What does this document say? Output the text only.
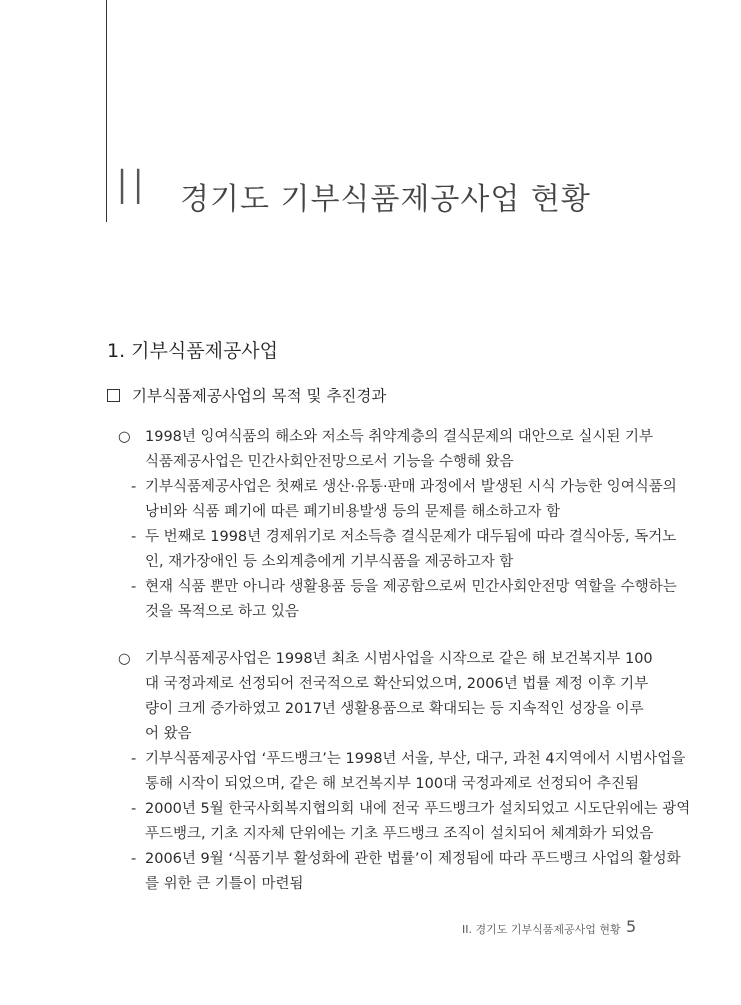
II 경기도 기부식품제공사업 현황
1. 기부식품제공사업
기부식품제공사업의 목적 및 추진경과
○ 1998년 잉여식품의 해소와 저소득 취약계층의 결식문제의 대안으로 실시된 기부
식품제공사업은 민간사회안전망으로서 기능을 수행해 왔음
- 기부식품제공사업은 첫째로 생산·유통·판매 과정에서 발생된 시식 가능한 잉여식품의
낭비와 식품 폐기에 따른 폐기비용발생 등의 문제를 해소하고자 함
- 두 번째로 1998년 경제위기로 저소득층 결식문제가 대두됨에 따라 결식아동, 독거노
인, 재가장애인 등 소외계층에게 기부식품을 제공하고자 함
- 현재 식품 뿐만 아니라 생활용품 등을 제공함으로써 민간사회안전망 역할을 수행하는
것을 목적으로 하고 있음
○ 기부식품제공사업은 1998년 최초 시범사업을 시작으로 같은 해 보건복지부 100
대 국정과제로 선정되어 전국적으로 확산되었으며, 2006년 법률 제정 이후 기부
량이 크게 증가하였고 2017년 생활용품으로 확대되는 등 지속적인 성장을 이루
어 왔음
- 기부식품제공사업 ‘푸드뱅크’는 1998년 서울, 부산, 대구, 과천 4지역에서 시범사업을
통해 시작이 되었으며, 같은 해 보건복지부 100대 국정과제로 선정되어 추진됨
- 2000년 5월 한국사회복지협의회 내에 전국 푸드뱅크가 설치되었고 시도단위에는 광역
푸드뱅크, 기초 지자체 단위에는 기초 푸드뱅크 조직이 설치되어 체계화가 되었음
- 2006년 9월 ‘식품기부 활성화에 관한 법률’이 제정됨에 따라 푸드뱅크 사업의 활성화
를 위한 큰 기틀이 마련됨
II. 경기도 기부식품제공사업 현황 5
